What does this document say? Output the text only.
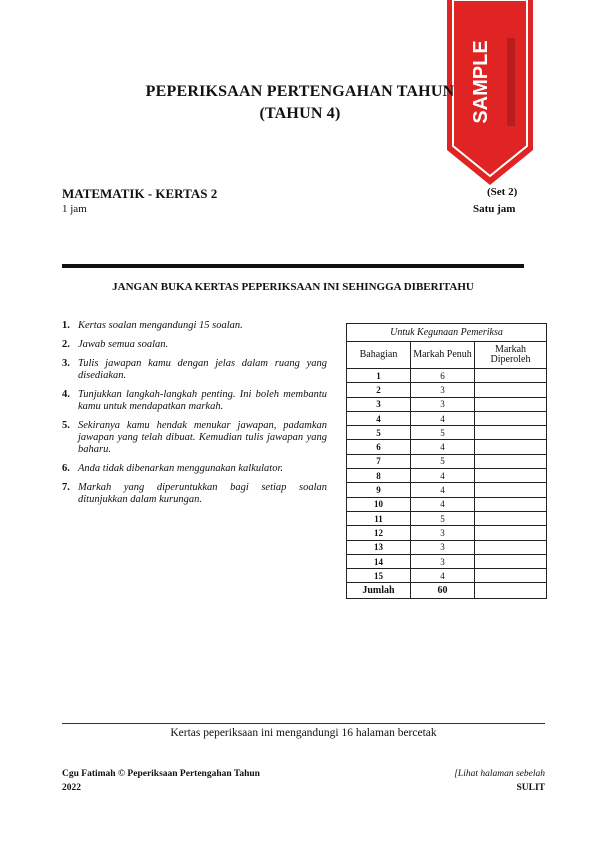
SAMPLE
PEPERIKSAAN PERTENGAHAN TAHUN
(TAHUN 4)
MATEMATIK - KERTAS 2	(Set 2)
1 jam	Satu jam
JANGAN BUKA KERTAS PEPERIKSAAN INI SEHINGGA DIBERITAHU
1. Kertas soalan mengandungi 15 soalan.
2. Jawab semua soalan.
3. Tulis jawapan kamu dengan jelas dalam ruang yang disediakan.
4. Tunjukkan langkah-langkah penting. Ini boleh membantu kamu untuk mendapatkan markah.
5. Sekiranya kamu hendak menukar jawapan, padamkan jawapan yang telah dibuat. Kemudian tulis jawapan yang baharu.
6. Anda tidak dibenarkan menggunakan kalkulator.
7. Markah yang diperuntukkan bagi setiap soalan ditunjukkan dalam kurungan.
Untuk Kegunaan Pemeriksa		
Bahagian	Markah Penuh	Markah Diperoleh
1	6	
2	3	
3	3	
4	4	
5	5	
6	4	
7	5	
8	4	
9	4	
10	4	
11	5	
12	3	
13	3	
14	3	
15	4	
Jumlah	60	
Kertas peperiksaan ini mengandungi 16 halaman bercetak
Cgu Fatimah © Peperiksaan Pertengahan Tahun
2022
[Lihat halaman sebelah
SULIT
